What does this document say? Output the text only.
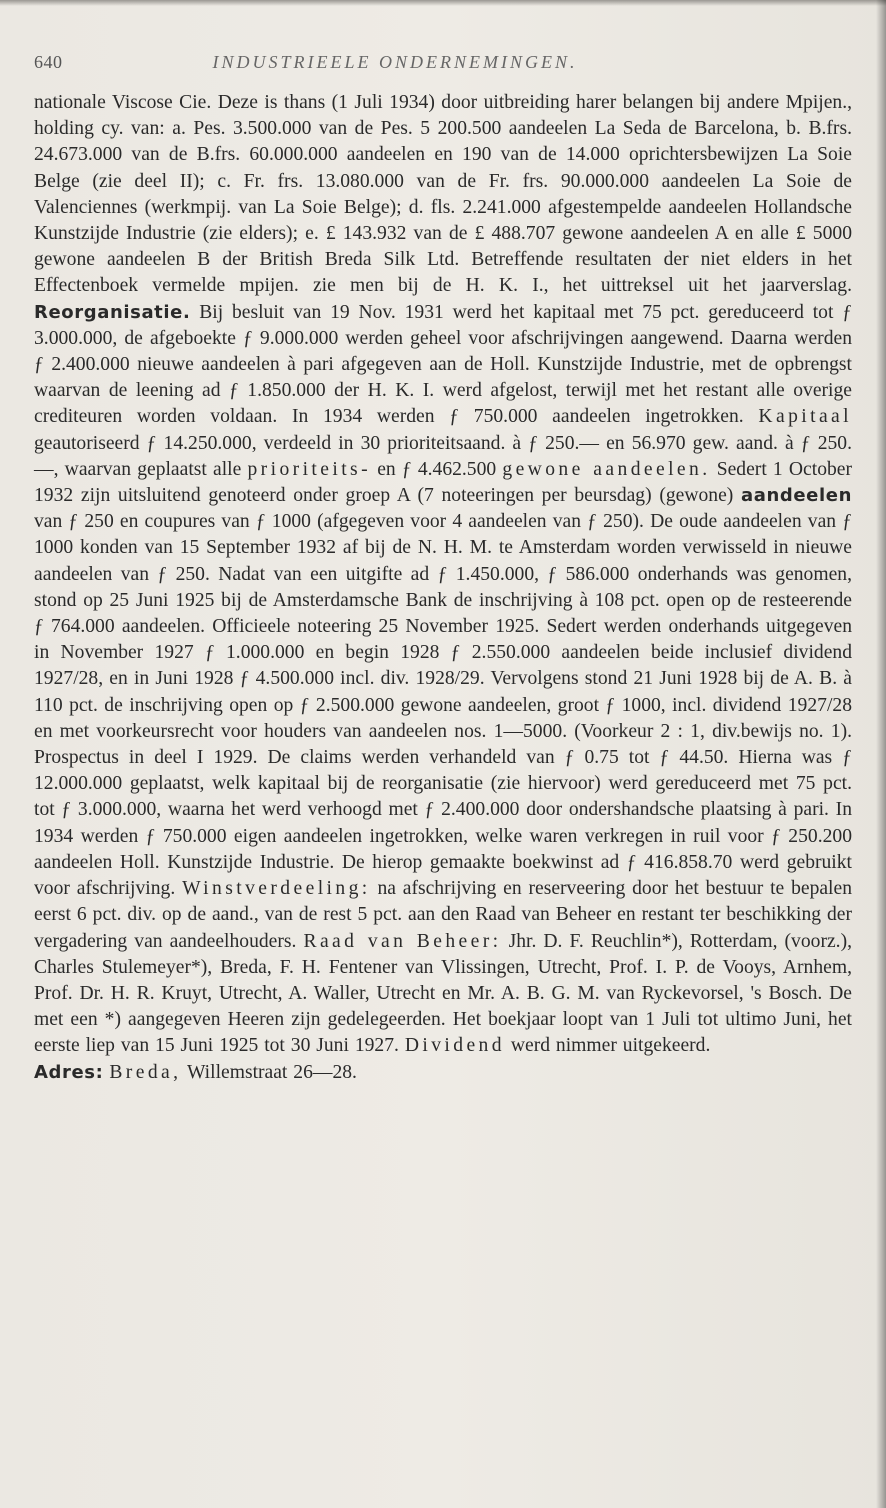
640	INDUSTRIEELE ONDERNEMINGEN.

nationale Viscose Cie. Deze is thans (1 Juli 1934) door uitbreiding harer belangen bij andere Mpijen., holding cy. van: a. Pes. 3.500.000 van de Pes. 5 200.500 aandeelen La Seda de Barcelona, b. B.frs. 24.673.000 van de B.frs. 60.000.000 aandeelen en 190 van de 14.000 oprichtersbewijzen La Soie Belge (zie deel II); c. Fr. frs. 13.080.000 van de Fr. frs. 90.000.000 aandeelen La Soie de Valenciennes (werkmpij. van La Soie Belge); d. fls. 2.241.000 afgestempelde aandeelen Hollandsche Kunstzijde Industrie (zie elders); e. £ 143.932 van de £ 488.707 gewone aandeelen A en alle £ 5000 gewone aandeelen B der British Breda Silk Ltd. Betreffende resultaten der niet elders in het Effectenboek vermelde mpijen. zie men bij de H. K. I., het uittreksel uit het jaarverslag. Reorganisatie. Bij besluit van 19 Nov. 1931 werd het kapitaal met 75 pct. gereduceerd tot ƒ 3.000.000, de afgeboekte ƒ 9.000.000 werden geheel voor afschrijvingen aangewend. Daarna werden ƒ 2.400.000 nieuwe aandeelen à pari afgegeven aan de Holl. Kunstzijde Industrie, met de opbrengst waarvan de leening ad ƒ 1.850.000 der H. K. I. werd afgelost, terwijl met het restant alle overige crediteuren worden voldaan. In 1934 werden ƒ 750.000 aandeelen ingetrokken. Kapitaal geautoriseerd ƒ 14.250.000, verdeeld in 30 prioriteitsaand. à ƒ 250.— en 56.970 gew. aand. à ƒ 250.—, waarvan geplaatst alle prioriteits- en ƒ 4.462.500 gewone aandeelen. Sedert 1 October 1932 zijn uitsluitend genoteerd onder groep A (7 noteeringen per beursdag) (gewone) aandeelen van ƒ 250 en coupures van ƒ 1000 (afgegeven voor 4 aandeelen van ƒ 250). De oude aandeelen van ƒ 1000 konden van 15 September 1932 af bij de N. H. M. te Amsterdam worden verwisseld in nieuwe aandeelen van ƒ 250. Nadat van een uitgifte ad ƒ 1.450.000, ƒ 586.000 onderhands was genomen, stond op 25 Juni 1925 bij de Amsterdamsche Bank de inschrijving à 108 pct. open op de resteerende ƒ 764.000 aandeelen. Officieele noteering 25 November 1925. Sedert werden onderhands uitgegeven in November 1927 ƒ 1.000.000 en begin 1928 ƒ 2.550.000 aandeelen beide inclusief dividend 1927/28, en in Juni 1928 ƒ 4.500.000 incl. div. 1928/29. Vervolgens stond 21 Juni 1928 bij de A. B. à 110 pct. de inschrijving open op ƒ 2.500.000 gewone aandeelen, groot ƒ 1000, incl. dividend 1927/28 en met voorkeursrecht voor houders van aandeelen nos. 1—5000. (Voorkeur 2 : 1, div.bewijs no. 1). Prospectus in deel I 1929. De claims werden verhandeld van ƒ 0.75 tot ƒ 44.50. Hierna was ƒ 12.000.000 geplaatst, welk kapitaal bij de reorganisatie (zie hiervoor) werd gereduceerd met 75 pct. tot ƒ 3.000.000, waarna het werd verhoogd met ƒ 2.400.000 door ondershandsche plaatsing à pari. In 1934 werden ƒ 750.000 eigen aandeelen ingetrokken, welke waren verkregen in ruil voor ƒ 250.200 aandeelen Holl. Kunstzijde Industrie. De hierop gemaakte boekwinst ad ƒ 416.858.70 werd gebruikt voor afschrijving. Winstverdeeling: na afschrijving en reserveering door het bestuur te bepalen eerst 6 pct. div. op de aand., van de rest 5 pct. aan den Raad van Beheer en restant ter beschikking der vergadering van aandeelhouders. Raad van Beheer: Jhr. D. F. Reuchlin*), Rotterdam, (voorz.), Charles Stulemeyer*), Breda, F. H. Fentener van Vlissingen, Utrecht, Prof. I. P. de Vooys, Arnhem, Prof. Dr. H. R. Kruyt, Utrecht, A. Waller, Utrecht en Mr. A. B. G. M. van Ryckevorsel, 's Bosch. De met een *) aangegeven Heeren zijn gedelegeerden. Het boekjaar loopt van 1 Juli tot ultimo Juni, het eerste liep van 15 Juni 1925 tot 30 Juni 1927. Dividend werd nimmer uitgekeerd.
Adres: Breda, Willemstraat 26—28.
